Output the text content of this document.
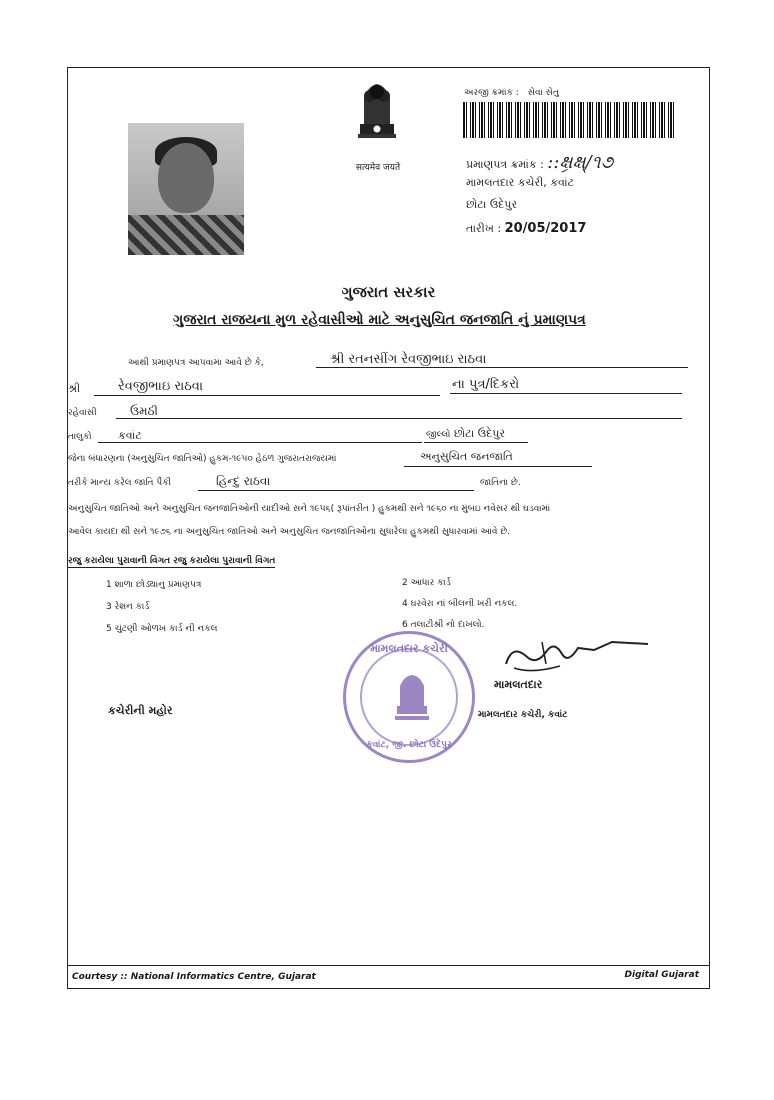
सत्यमेव जयते
અરજી ક્રમાંક : સેવા સેતુ
પ્રમાણપત્ર ક્રમાંક : ::ક્ષ્રક્ષ્/૧૭
મામલતદાર કચેરી, કવાંટ
છોટા ઉદેપુર
તારીખ : 20/05/2017
ગુજરાત સરકાર
ગુજરાત રાજયના મુળ રહેવાસીઓ માટે અનુસુચિત જનજાતિ નું પ્રમાણપત્ર
આથી પ્રમાણપત્ર આપવામા આવે છે કે,	શ્રી રતનસીંગ રેવજીભાઇ રાઠવા
શ્રી	રેવજીભાઇ રાઠવા	ના પુત્ર/દિકરો
રહેવાસી	ઉમઠી
તાલુકો કવાંટ	જીલ્લો છોટા ઉદેપુર
જેના બંધારણના (અનુસુચિત જાતિઓ) હુકમ-૧૯૫૦ હેઠળ ગુજરાતરાજયમાં	અનુસુચિત જનજાતિ
તરીકે માન્ય કરેલ જાતિ પૈકી	હિન્દુ રાઠવા	જાતિના છે.
અનુસુચિત જાતિઓ અને અનુસુચિત જનજાતિઓની યાદીઓ સને ૧૯૫૬( રૂપાંતરીત ) હુકમથી સને ૧૯૬૦ ના મુંબઇ નવેસર થી ઘડવામાં
આવેલ કાયદા થી સને ૧૯૭૬ ના અનુસુચિત જાતિઓ અને અનુસુચિત જનજાતિઓના સુધારેલા હુકમથી સુધારવામાં આવે છે.
રજુ કરાયેલા પુરાવાની વિગત રજુ કરાયેલા પુરાવાની વિગત
1 શાળા છોડ્યાનુ પ્રમાણપત્ર	2 આધાર કાર્ડ
3 રેશન કાર્ડ	4 ઘરવેરા નાં બીલની ખરી નકલ.
5 ચુંટણી ઓળખ કાર્ડ ની નકલ	6 તલાટીશ્રી નો દાખલો.
મામલતદાર કચેરી
કવાંટ, જી. છોટા ઉદેપુર
મામલતદાર
કચેરીની મહોર	મામલતદાર કચેરી, કવાંટ
Courtesy :: National Informatics Centre, Gujarat	Digital Gujarat
